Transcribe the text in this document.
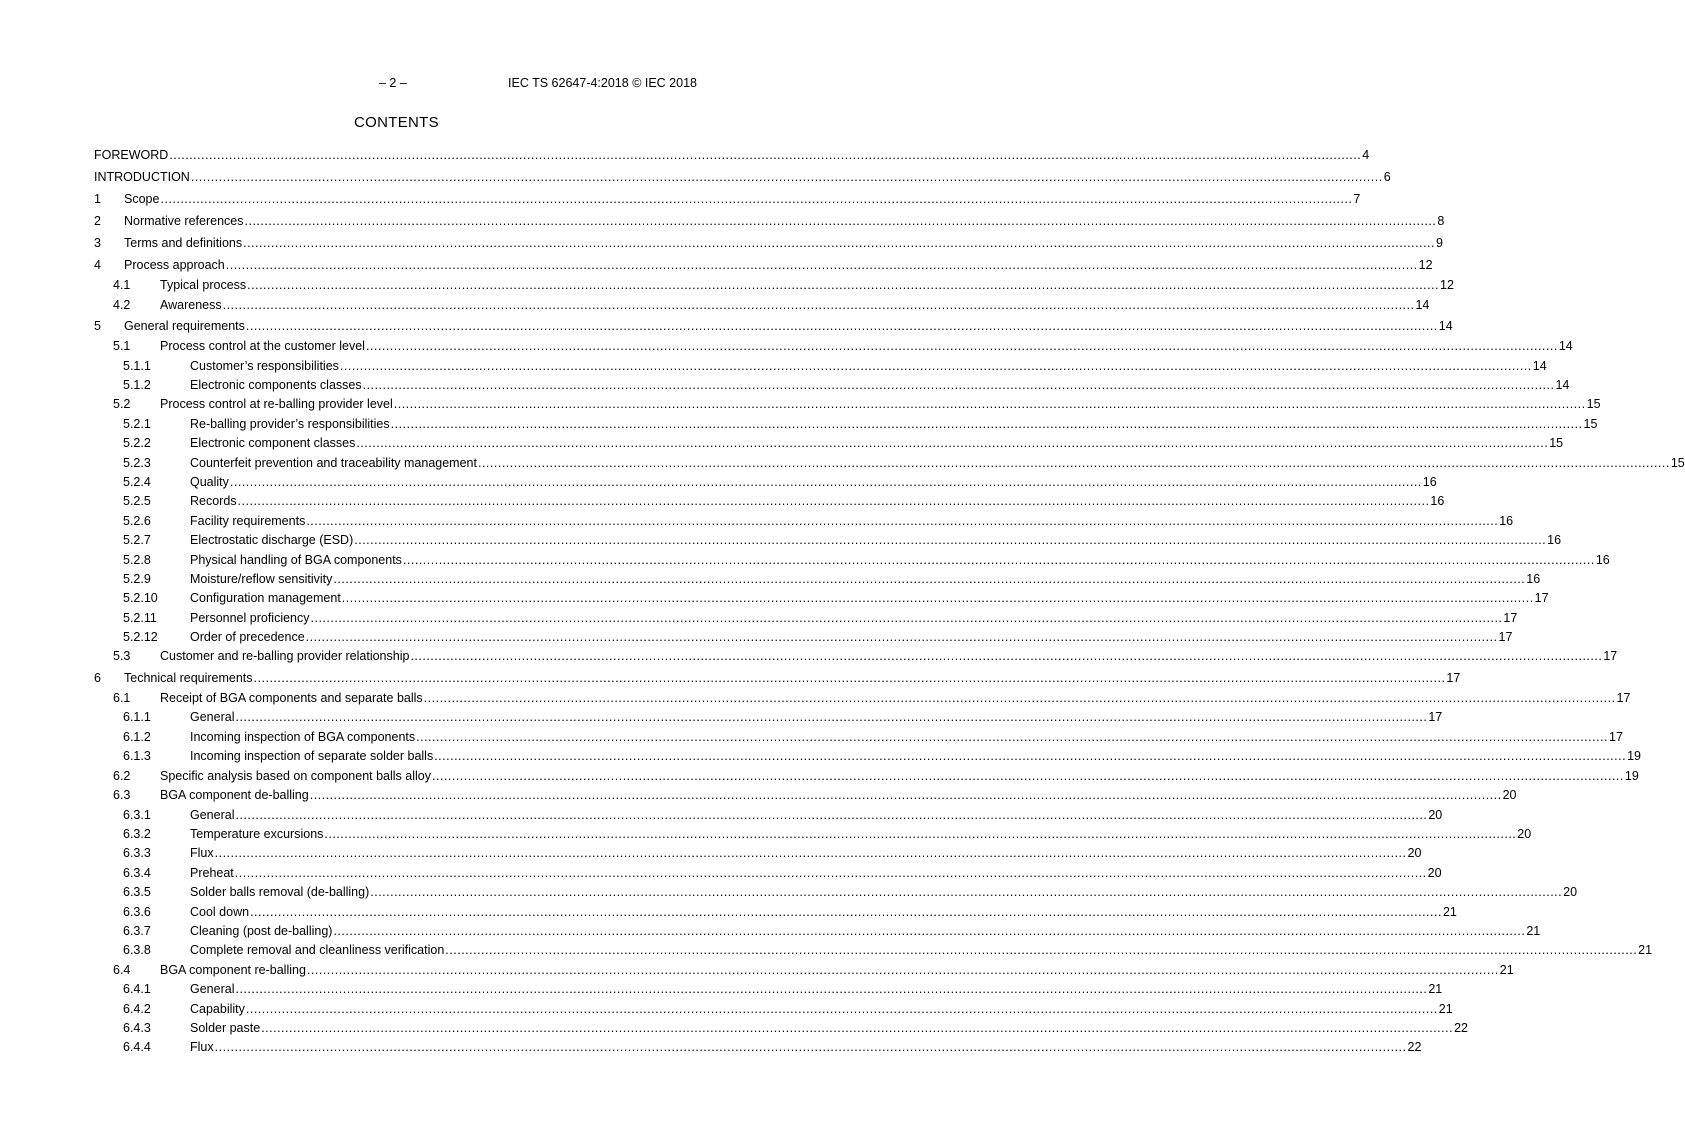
– 2 –	IEC TS 62647-4:2018 © IEC 2018
CONTENTS
FOREWORD ............................................................................................................................................................................................................................................................................................................ 4
INTRODUCTION ............................................................................................................................................................................................................................................................................................................ 6
1	Scope ............................................................................................................................................................................................................................................................................................................ 7
2	Normative references ............................................................................................................................................................................................................................................................................................................ 8
3	Terms and definitions ............................................................................................................................................................................................................................................................................................................ 9
4	Process approach ............................................................................................................................................................................................................................................................................................................ 12
4.1	Typical process ............................................................................................................................................................................................................................................................................................................ 12
4.2	Awareness ............................................................................................................................................................................................................................................................................................................ 14
5	General requirements ............................................................................................................................................................................................................................................................................................................ 14
5.1	Process control at the customer level ............................................................................................................................................................................................................................................................................................................ 14
5.1.1	Customer’s responsibilities ............................................................................................................................................................................................................................................................................................................ 14
5.1.2	Electronic components classes ............................................................................................................................................................................................................................................................................................................ 14
5.2	Process control at re-balling provider level ............................................................................................................................................................................................................................................................................................................ 15
5.2.1	Re-balling provider’s responsibilities ............................................................................................................................................................................................................................................................................................................ 15
5.2.2	Electronic component classes ............................................................................................................................................................................................................................................................................................................ 15
5.2.3	Counterfeit prevention and traceability management ............................................................................................................................................................................................................................................................................................................ 15
5.2.4	Quality ............................................................................................................................................................................................................................................................................................................ 16
5.2.5	Records ............................................................................................................................................................................................................................................................................................................ 16
5.2.6	Facility requirements ............................................................................................................................................................................................................................................................................................................ 16
5.2.7	Electrostatic discharge (ESD) ............................................................................................................................................................................................................................................................................................................ 16
5.2.8	Physical handling of BGA components ............................................................................................................................................................................................................................................................................................................ 16
5.2.9	Moisture/reflow sensitivity ............................................................................................................................................................................................................................................................................................................ 16
5.2.10	Configuration management ............................................................................................................................................................................................................................................................................................................ 17
5.2.11	Personnel proficiency ............................................................................................................................................................................................................................................................................................................ 17
5.2.12	Order of precedence ............................................................................................................................................................................................................................................................................................................ 17
5.3	Customer and re-balling provider relationship ............................................................................................................................................................................................................................................................................................................ 17
6	Technical requirements ............................................................................................................................................................................................................................................................................................................ 17
6.1	Receipt of BGA components and separate balls ............................................................................................................................................................................................................................................................................................................ 17
6.1.1	General ............................................................................................................................................................................................................................................................................................................ 17
6.1.2	Incoming inspection of BGA components ............................................................................................................................................................................................................................................................................................................ 17
6.1.3	Incoming inspection of separate solder balls ............................................................................................................................................................................................................................................................................................................ 19
6.2	Specific analysis based on component balls alloy ............................................................................................................................................................................................................................................................................................................ 19
6.3	BGA component de-balling ............................................................................................................................................................................................................................................................................................................ 20
6.3.1	General ............................................................................................................................................................................................................................................................................................................ 20
6.3.2	Temperature excursions ............................................................................................................................................................................................................................................................................................................ 20
6.3.3	Flux ............................................................................................................................................................................................................................................................................................................ 20
6.3.4	Preheat ............................................................................................................................................................................................................................................................................................................ 20
6.3.5	Solder balls removal (de-balling) ............................................................................................................................................................................................................................................................................................................ 20
6.3.6	Cool down ............................................................................................................................................................................................................................................................................................................ 21
6.3.7	Cleaning (post de-balling) ............................................................................................................................................................................................................................................................................................................ 21
6.3.8	Complete removal and cleanliness verification ............................................................................................................................................................................................................................................................................................................ 21
6.4	BGA component re-balling ............................................................................................................................................................................................................................................................................................................ 21
6.4.1	General ............................................................................................................................................................................................................................................................................................................ 21
6.4.2	Capability ............................................................................................................................................................................................................................................................................................................ 21
6.4.3	Solder paste ............................................................................................................................................................................................................................................................................................................ 22
6.4.4	Flux ............................................................................................................................................................................................................................................................................................................ 22
